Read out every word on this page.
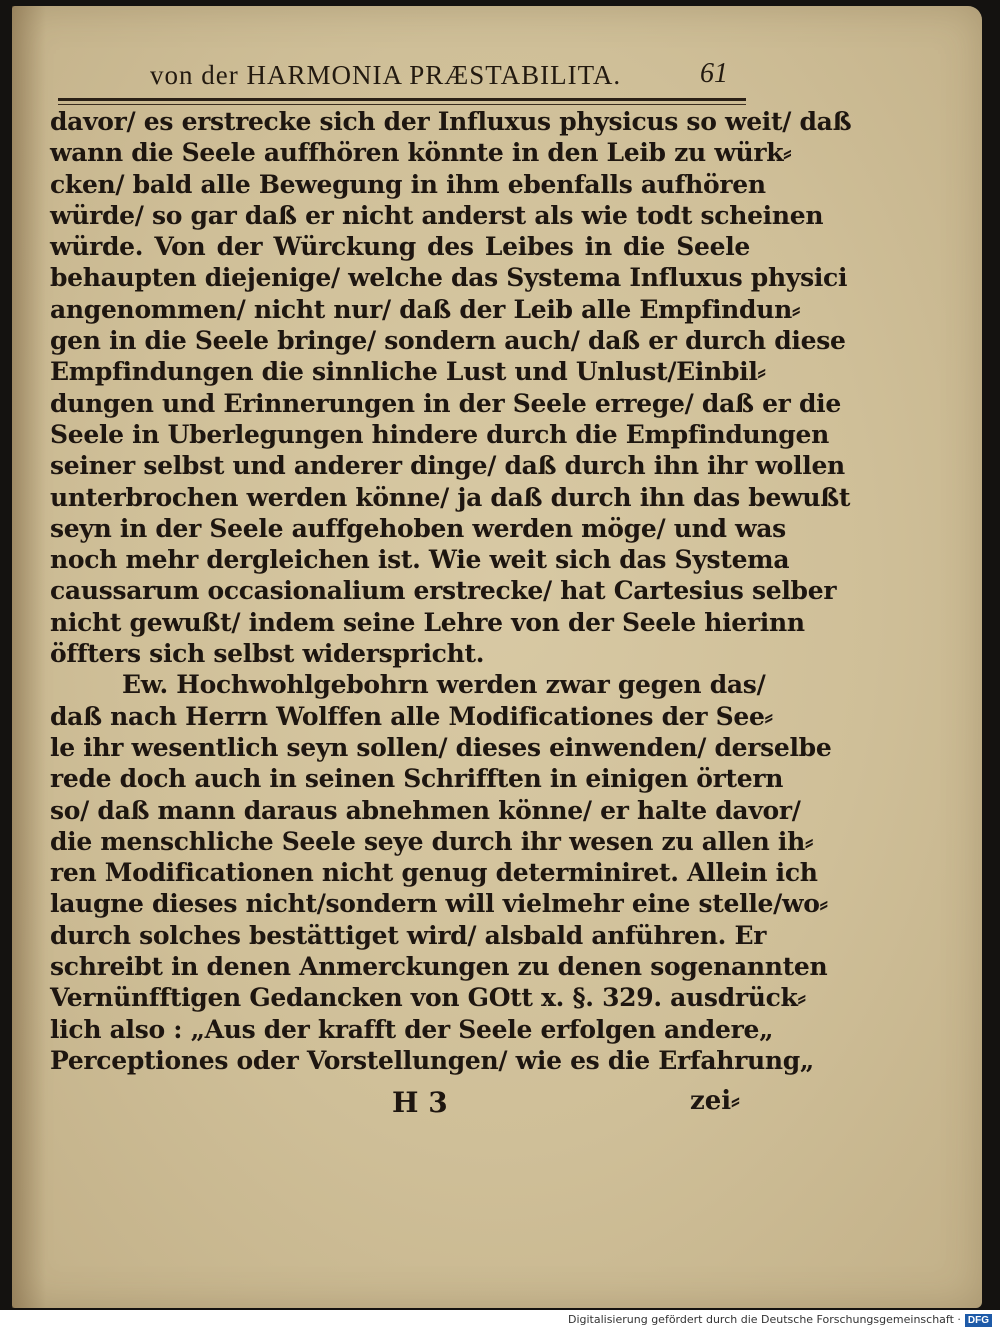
von der HARMONIA PRÆSTABILITA.	61
davor/ es erstrecke sich der Influxus physicus so weit/ daß
wann die Seele auffhören könnte in den Leib zu würk⸗
cken/ bald alle Bewegung in ihm ebenfalls aufhören
würde/ so gar daß er nicht anderst als wie todt scheinen
würde. Von der Würckung des Leibes in die Seele
behaupten diejenige/ welche das Systema Influxus physici
angenommen/ nicht nur/ daß der Leib alle Empfindun⸗
gen in die Seele bringe/ sondern auch/ daß er durch diese
Empfindungen die sinnliche Lust und Unlust/Einbil⸗
dungen und Erinnerungen in der Seele errege/ daß er die
Seele in Uberlegungen hindere durch die Empfindungen
seiner selbst und anderer dinge/ daß durch ihn ihr wollen
unterbrochen werden könne/ ja daß durch ihn das bewußt
seyn in der Seele auffgehoben werden möge/ und was
noch mehr dergleichen ist. Wie weit sich das Systema
caussarum occasionalium erstrecke/ hat Cartesius selber
nicht gewußt/ indem seine Lehre von der Seele hierinn
öffters sich selbst widerspricht.
Ew. Hochwohlgebohrn werden zwar gegen das/
daß nach Herrn Wolffen alle Modificationes der See⸗
le ihr wesentlich seyn sollen/ dieses einwenden/ derselbe
rede doch auch in seinen Schrifften in einigen örtern
so/ daß mann daraus abnehmen könne/ er halte davor/
die menschliche Seele seye durch ihr wesen zu allen ih⸗
ren Modificationen nicht genug determiniret. Allein ich
laugne dieses nicht/sondern will vielmehr eine stelle/wo⸗
durch solches bestättiget wird/ alsbald anführen. Er
schreibt in denen Anmerckungen zu denen sogenannten
Vernünfftigen Gedancken von GOtt x. §. 329. ausdrück⸗
lich also : „Aus der krafft der Seele erfolgen andere„
Perceptiones oder Vorstellungen/ wie es die Erfahrung„
H 3	zei⸗
Digitalisierung gefördert durch die Deutsche Forschungsgemeinschaft · DFG
